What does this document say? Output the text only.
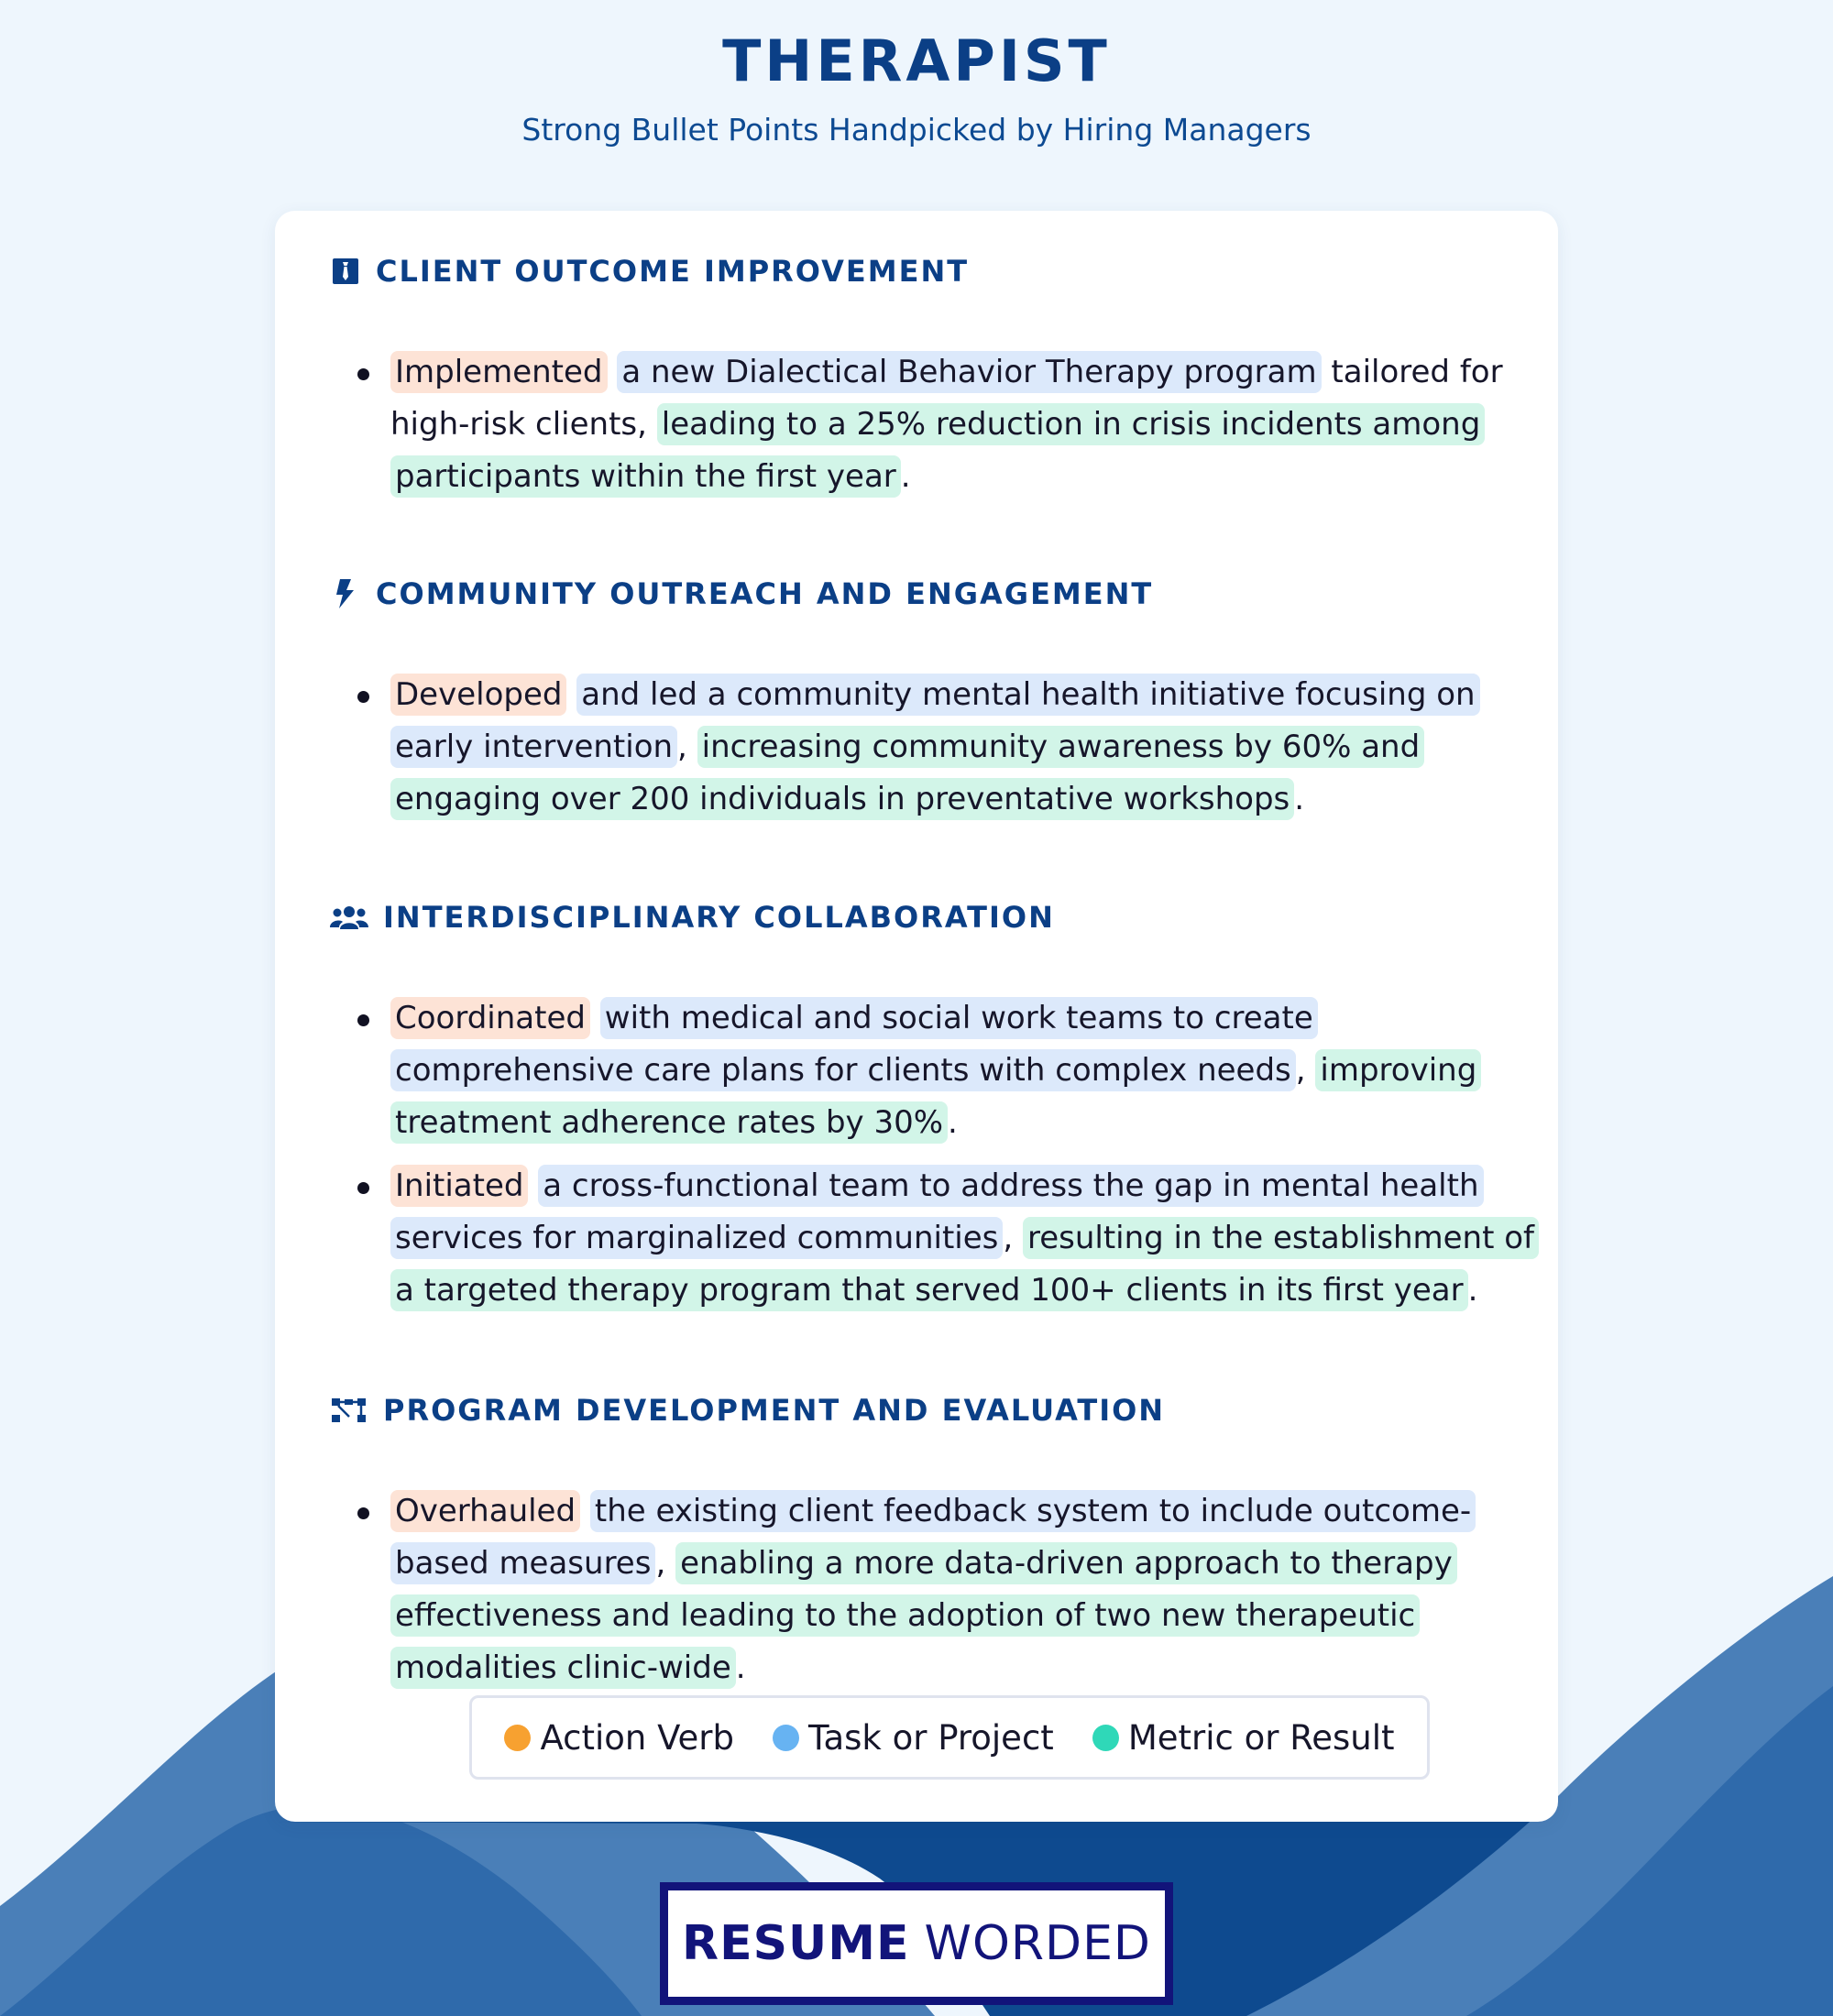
THERAPIST
Strong Bullet Points Handpicked by Hiring Managers
CLIENT OUTCOME IMPROVEMENT
Implemented a new Dialectical Behavior Therapy program tailored for high-risk clients, leading to a 25% reduction in crisis incidents among participants within the first year .
COMMUNITY OUTREACH AND ENGAGEMENT
Developed and led a community mental health initiative focusing on early intervention , increasing community awareness by 60% and engaging over 200 individuals in preventative workshops .
INTERDISCIPLINARY COLLABORATION
Coordinated with medical and social work teams to create comprehensive care plans for clients with complex needs , improving treatment adherence rates by 30% .
Initiated a cross-functional team to address the gap in mental health services for marginalized communities , resulting in the establishment of a targeted therapy program that served 100+ clients in its first year .
PROGRAM DEVELOPMENT AND EVALUATION
Overhauled the existing client feedback system to include outcome-based measures , enabling a more data-driven approach to therapy effectiveness and leading to the adoption of two new therapeutic modalities clinic-wide .
Action Verb Task or Project Metric or Result
RESUME WORDED
